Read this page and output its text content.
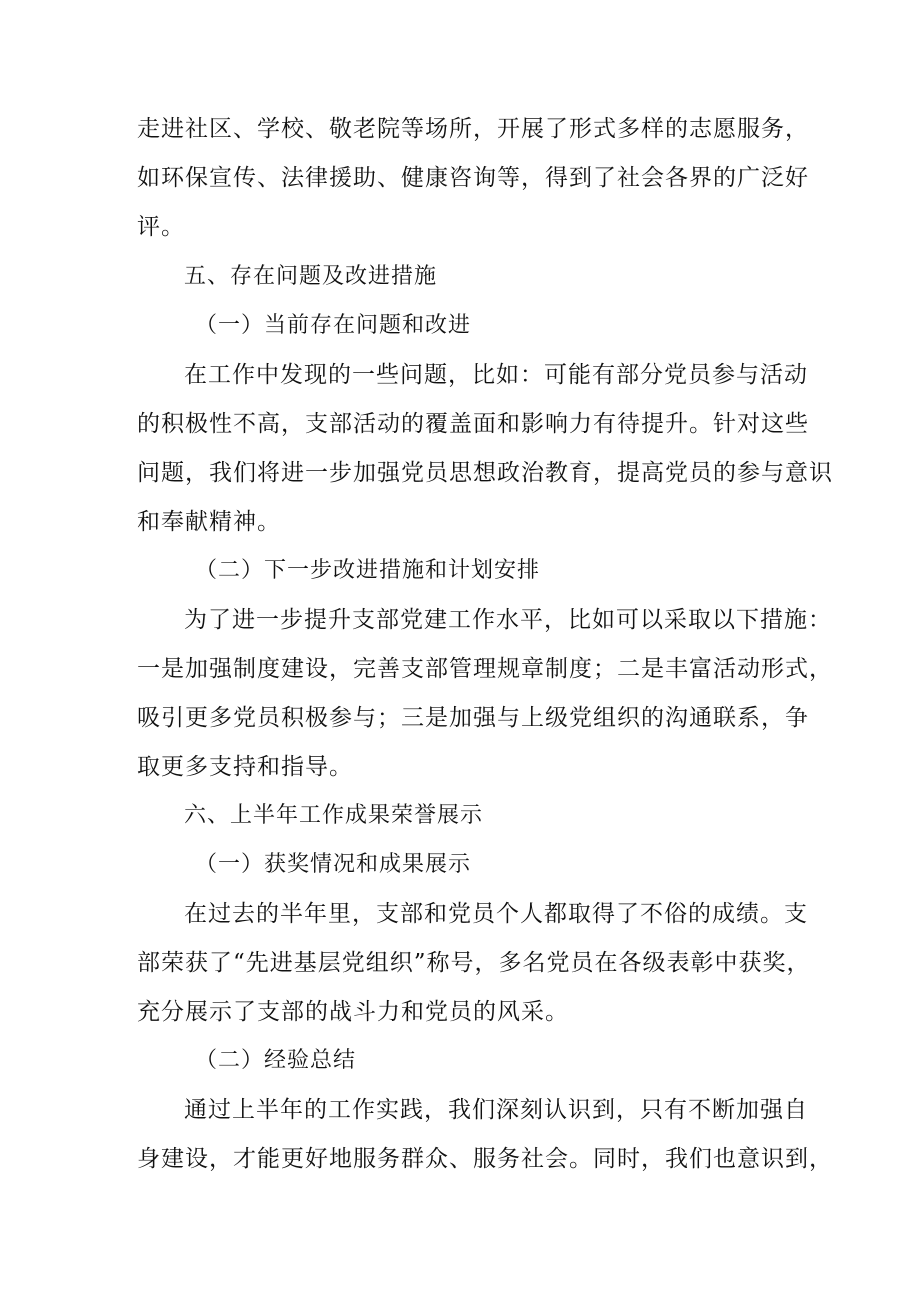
走进社区、学校、敬老院等场所，开展了形式多样的志愿服务，

如环保宣传、法律援助、健康咨询等，得到了社会各界的广泛好

评。

五、存在问题及改进措施

（一）当前存在问题和改进

在工作中发现的一些问题，比如：可能有部分党员参与活动

的积极性不高，支部活动的覆盖面和影响力有待提升。针对这些

问题，我们将进一步加强党员思想政治教育，提高党员的参与意识

和奉献精神。

（二）下一步改进措施和计划安排

为了进一步提升支部党建工作水平，比如可以采取以下措施：

一是加强制度建设，完善支部管理规章制度；二是丰富活动形式，

吸引更多党员积极参与；三是加强与上级党组织的沟通联系，争

取更多支持和指导。

六、上半年工作成果荣誉展示

（一）获奖情况和成果展示

在过去的半年里，支部和党员个人都取得了不俗的成绩。支

部荣获了“先进基层党组织”称号，多名党员在各级表彰中获奖，

充分展示了支部的战斗力和党员的风采。

（二）经验总结

通过上半年的工作实践，我们深刻认识到，只有不断加强自

身建设，才能更好地服务群众、服务社会。同时，我们也意识到，
